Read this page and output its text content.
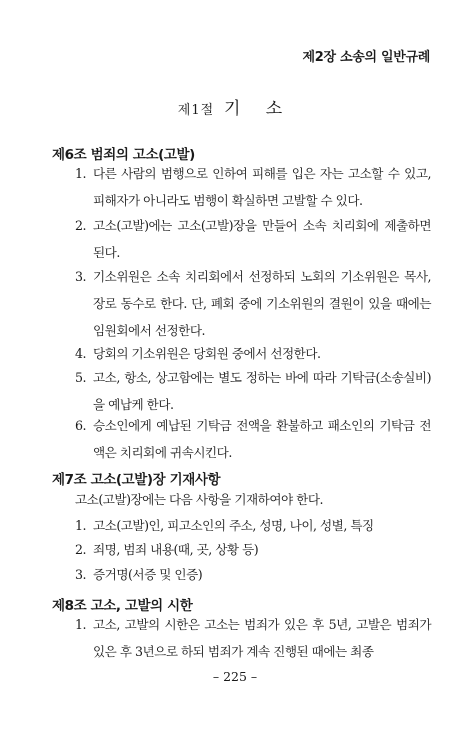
제2장 소송의 일반규례
제1절 기 소
제6조 범죄의 고소(고발)
1. 다른 사람의 범행으로 인하여 피해를 입은 자는 고소할 수 있고, 피해자가 아니라도 범행이 확실하면 고발할 수 있다.
2. 고소(고발)에는 고소(고발)장을 만들어 소속 치리회에 제출하면 된다.
3. 기소위원은 소속 치리회에서 선정하되 노회의 기소위원은 목사, 장로 동수로 한다. 단, 폐회 중에 기소위원의 결원이 있을 때에는 임원회에서 선정한다.
4. 당회의 기소위원은 당회원 중에서 선정한다.
5. 고소, 항소, 상고함에는 별도 정하는 바에 따라 기탁금(소송실비)을 예납케 한다.
6. 승소인에게 예납된 기탁금 전액을 환불하고 패소인의 기탁금 전액은 치리회에 귀속시킨다.
제7조 고소(고발)장 기재사항
고소(고발)장에는 다음 사항을 기재하여야 한다.
1. 고소(고발)인, 피고소인의 주소, 성명, 나이, 성별, 특징
2. 죄명, 범죄 내용(때, 곳, 상황 등)
3. 증거명(서증 및 인증)
제8조 고소, 고발의 시한
1. 고소, 고발의 시한은 고소는 범죄가 있은 후 5년, 고발은 범죄가 있은 후 3년으로 하되 범죄가 계속 진행된 때에는 최종
– 225 –
